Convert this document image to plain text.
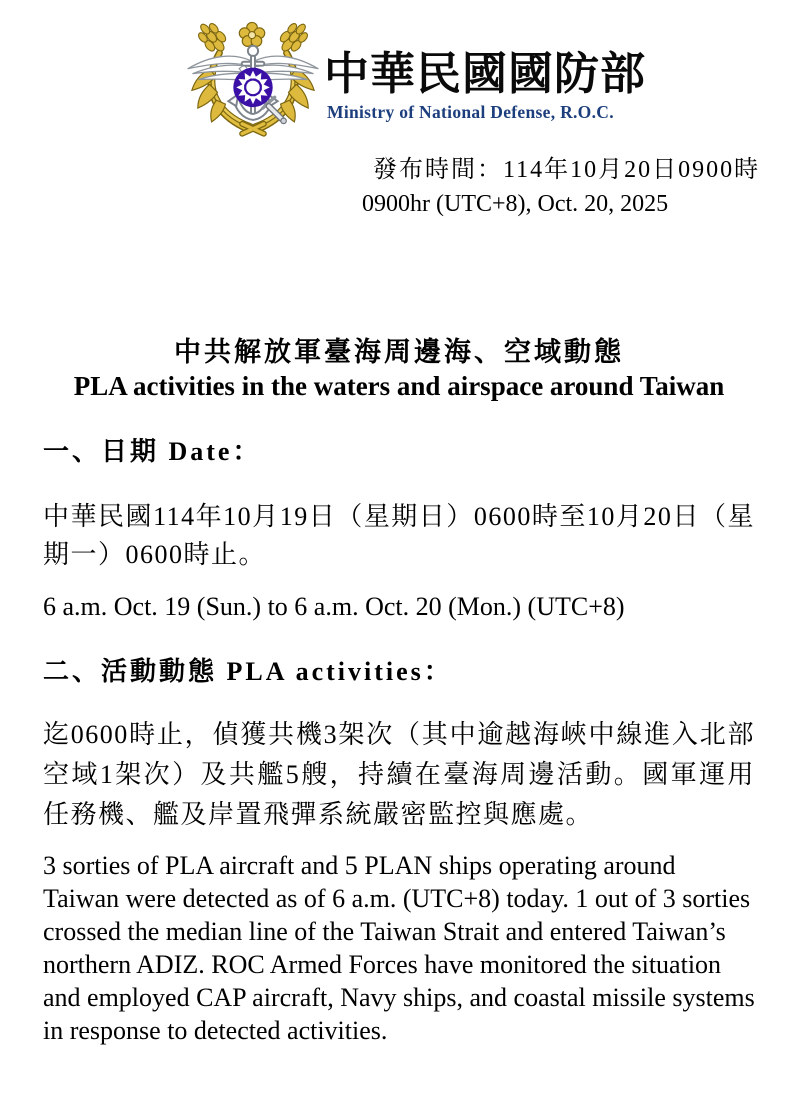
中華民國國防部
Ministry of National Defense, R.O.C.
發布時間：114年10月20日0900時
0900hr (UTC+8), Oct. 20, 2025
中共解放軍臺海周邊海、空域動態
PLA activities in the waters and airspace around Taiwan
一、日期 Date：

中華民國114年10月19日（星期日）0600時至10月20日（星期一）0600時止。

6 a.m. Oct. 19 (Sun.) to 6 a.m. Oct. 20 (Mon.) (UTC+8)

二、活動動態 PLA activities：

迄0600時止，偵獲共機3架次（其中逾越海峽中線進入北部空域1架次）及共艦5艘，持續在臺海周邊活動。國軍運用任務機、艦及岸置飛彈系統嚴密監控與應處。

3 sorties of PLA aircraft and 5 PLAN ships operating around Taiwan were detected as of 6 a.m. (UTC+8) today. 1 out of 3 sorties crossed the median line of the Taiwan Strait and entered Taiwan’s northern ADIZ. ROC Armed Forces have monitored the situation and employed CAP aircraft, Navy ships, and coastal missile systems in response to detected activities.
